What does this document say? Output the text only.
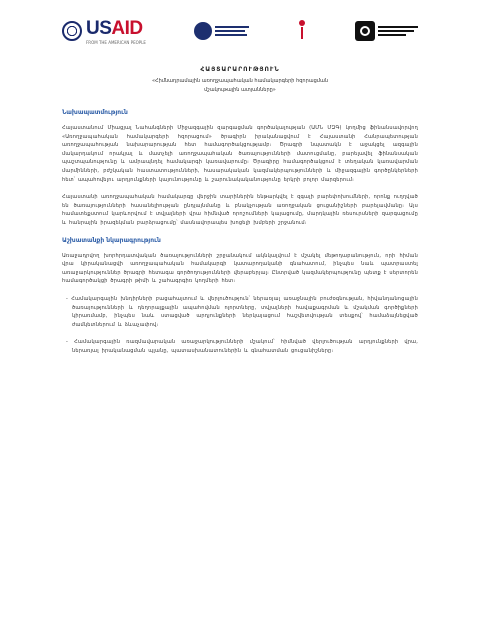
USAID
FROM THE AMERICAN PEOPLE
ՀԱՅՏԱՐԱՐՈՒԹՅՈՒՆ
«Հիմնադրամային առողջապահական համակարգերի հզորացման
մշակութային ատյանները»
Նախապատմություն

Հայաստանում Միացյալ Նահանգների Միջազգային զարգացման գործակալության (ԱՄՆ ՄԶԳ) կողմից ֆինանսավորվող «Առողջապահական համակարգերի հզորացում» ծրագիրն իրականացվում է Հայաստանի Հանրապետության առողջապահության նախարարության հետ համագործակցությամբ։ Ծրագրի նպատակն է աջակցել ազգային մակարդակում որակյալ և մատչելի առողջապահական ծառայությունների մատուցմանը, բարելավել ֆինանսական պաշտպանությունը և ամրապնդել համակարգի կառավարումը։ Ծրագիրը համագործակցում է տեղական կառավարման մարմինների, բժշկական հաստատությունների, հասարակական կազմակերպությունների և միջազգային գործընկերների հետ՝ ապահովելու արդյունքների կայունությունը և շարունակականությունը երկրի բոլոր մարզերում։

Հայաստանի առողջապահական համակարգը վերջին տարիներին ենթարկվել է զգալի բարեփոխումների, որոնք ուղղված են ծառայությունների հասանելիության ընդլայնմանը և բնակչության առողջական ցուցանիշների բարելավմանը։ Այս համատեքստում կարևորվում է տվյալների վրա հիմնված որոշումների կայացումը, մարդկային ռեսուրսների զարգացումը և հանրային իրազեկման բարձրացումը՝ մասնավորապես խոցելի խմբերի շրջանում։

Աշխատանքի նկարագրություն

Առաջադրվող խորհրդատվական ծառայությունների շրջանակում ակնկալվում է մշակել մեթոդաբանություն, որի հիման վրա կիրականացվի առողջապահական համակարգի կատարողականի գնահատում, ինչպես նաև պատրաստել առաջարկություններ ծրագրի հետագա գործողությունների վերաբերյալ։ Ընտրված կազմակերպությունը պետք է սերտորեն համագործակցի ծրագրի թիմի և շահագրգիռ կողմերի հետ։

- Համակարգային խնդիրների բացահայտում և վերլուծություն՝ ներառյալ առաջնային բուժօգնության, հիվանդանոցային ծառայությունների և դեղորայքային ապահովման ոլորտները, տվյալների հավաքագրման և մշակման գործիքների կիրառմամբ, ինչպես նաև ստացված արդյունքների ներկայացում հաշվետվության տեսքով՝ համաձայնեցված ժամկետներում և ձևաչափով։

- Համակարգային ռազմավարական առաջարկությունների մշակում՝ հիմնված վերլուծության արդյունքների վրա, ներառյալ իրականացման պլանը, պատասխանատուներին և գնահատման ցուցանիշները։
